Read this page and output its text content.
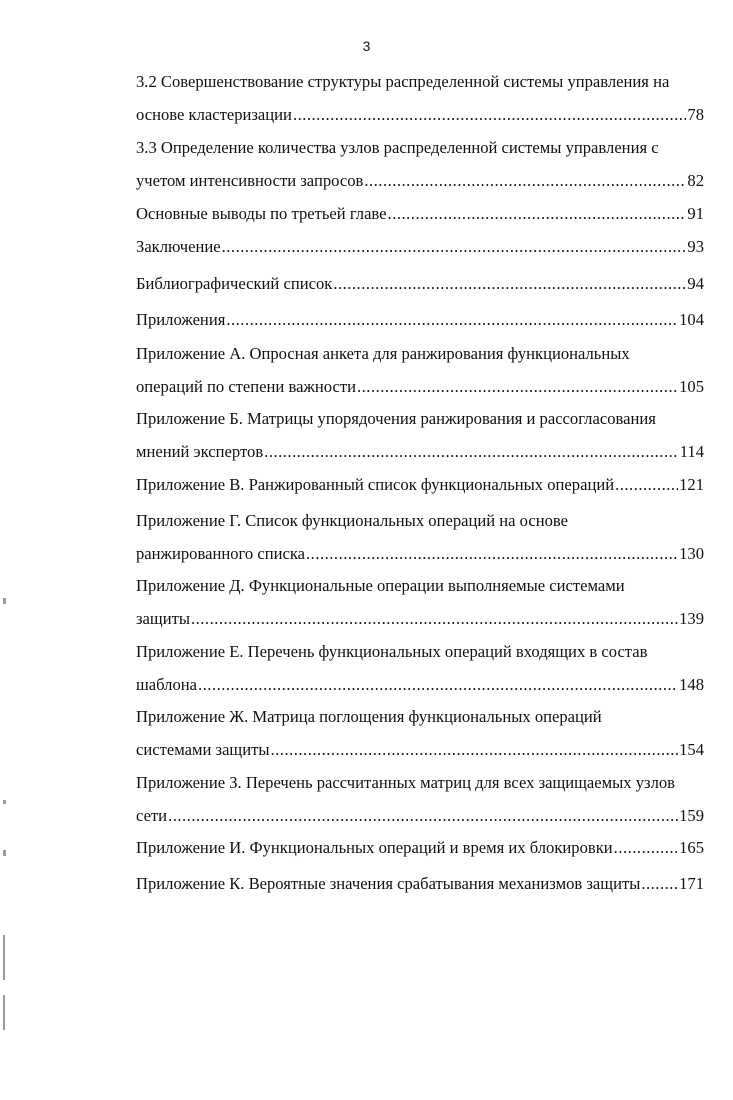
3
3.2 Совершенствование структуры распределенной системы управления на
основе кластеризации .....	78
3.3 Определение количества узлов распределенной системы управления с
учетом интенсивности запросов .....	82
Основные выводы по третьей главе .....	91
Заключение .....	93
Библиографический список .....	94
Приложения .....	104
Приложение А. Опросная анкета для ранжирования функциональных
операций по степени важности .....	105
Приложение Б. Матрицы упорядочения ранжирования и рассогласования
мнений экспертов .....	114
Приложение В. Ранжированный список функциональных операций .....	121
Приложение Г. Список функциональных операций на основе
ранжированного списка .....	130
Приложение Д. Функциональные операции выполняемые системами
защиты .....	139
Приложение Е. Перечень функциональных операций входящих в состав
шаблона .....	148
Приложение Ж. Матрица поглощения функциональных операций
системами защиты .....	154
Приложение З. Перечень рассчитанных матриц для всех защищаемых узлов
сети .....	159
Приложение И. Функциональных операций и время их блокировки .....	165
Приложение К. Вероятные значения срабатывания механизмов защиты ..... 171
